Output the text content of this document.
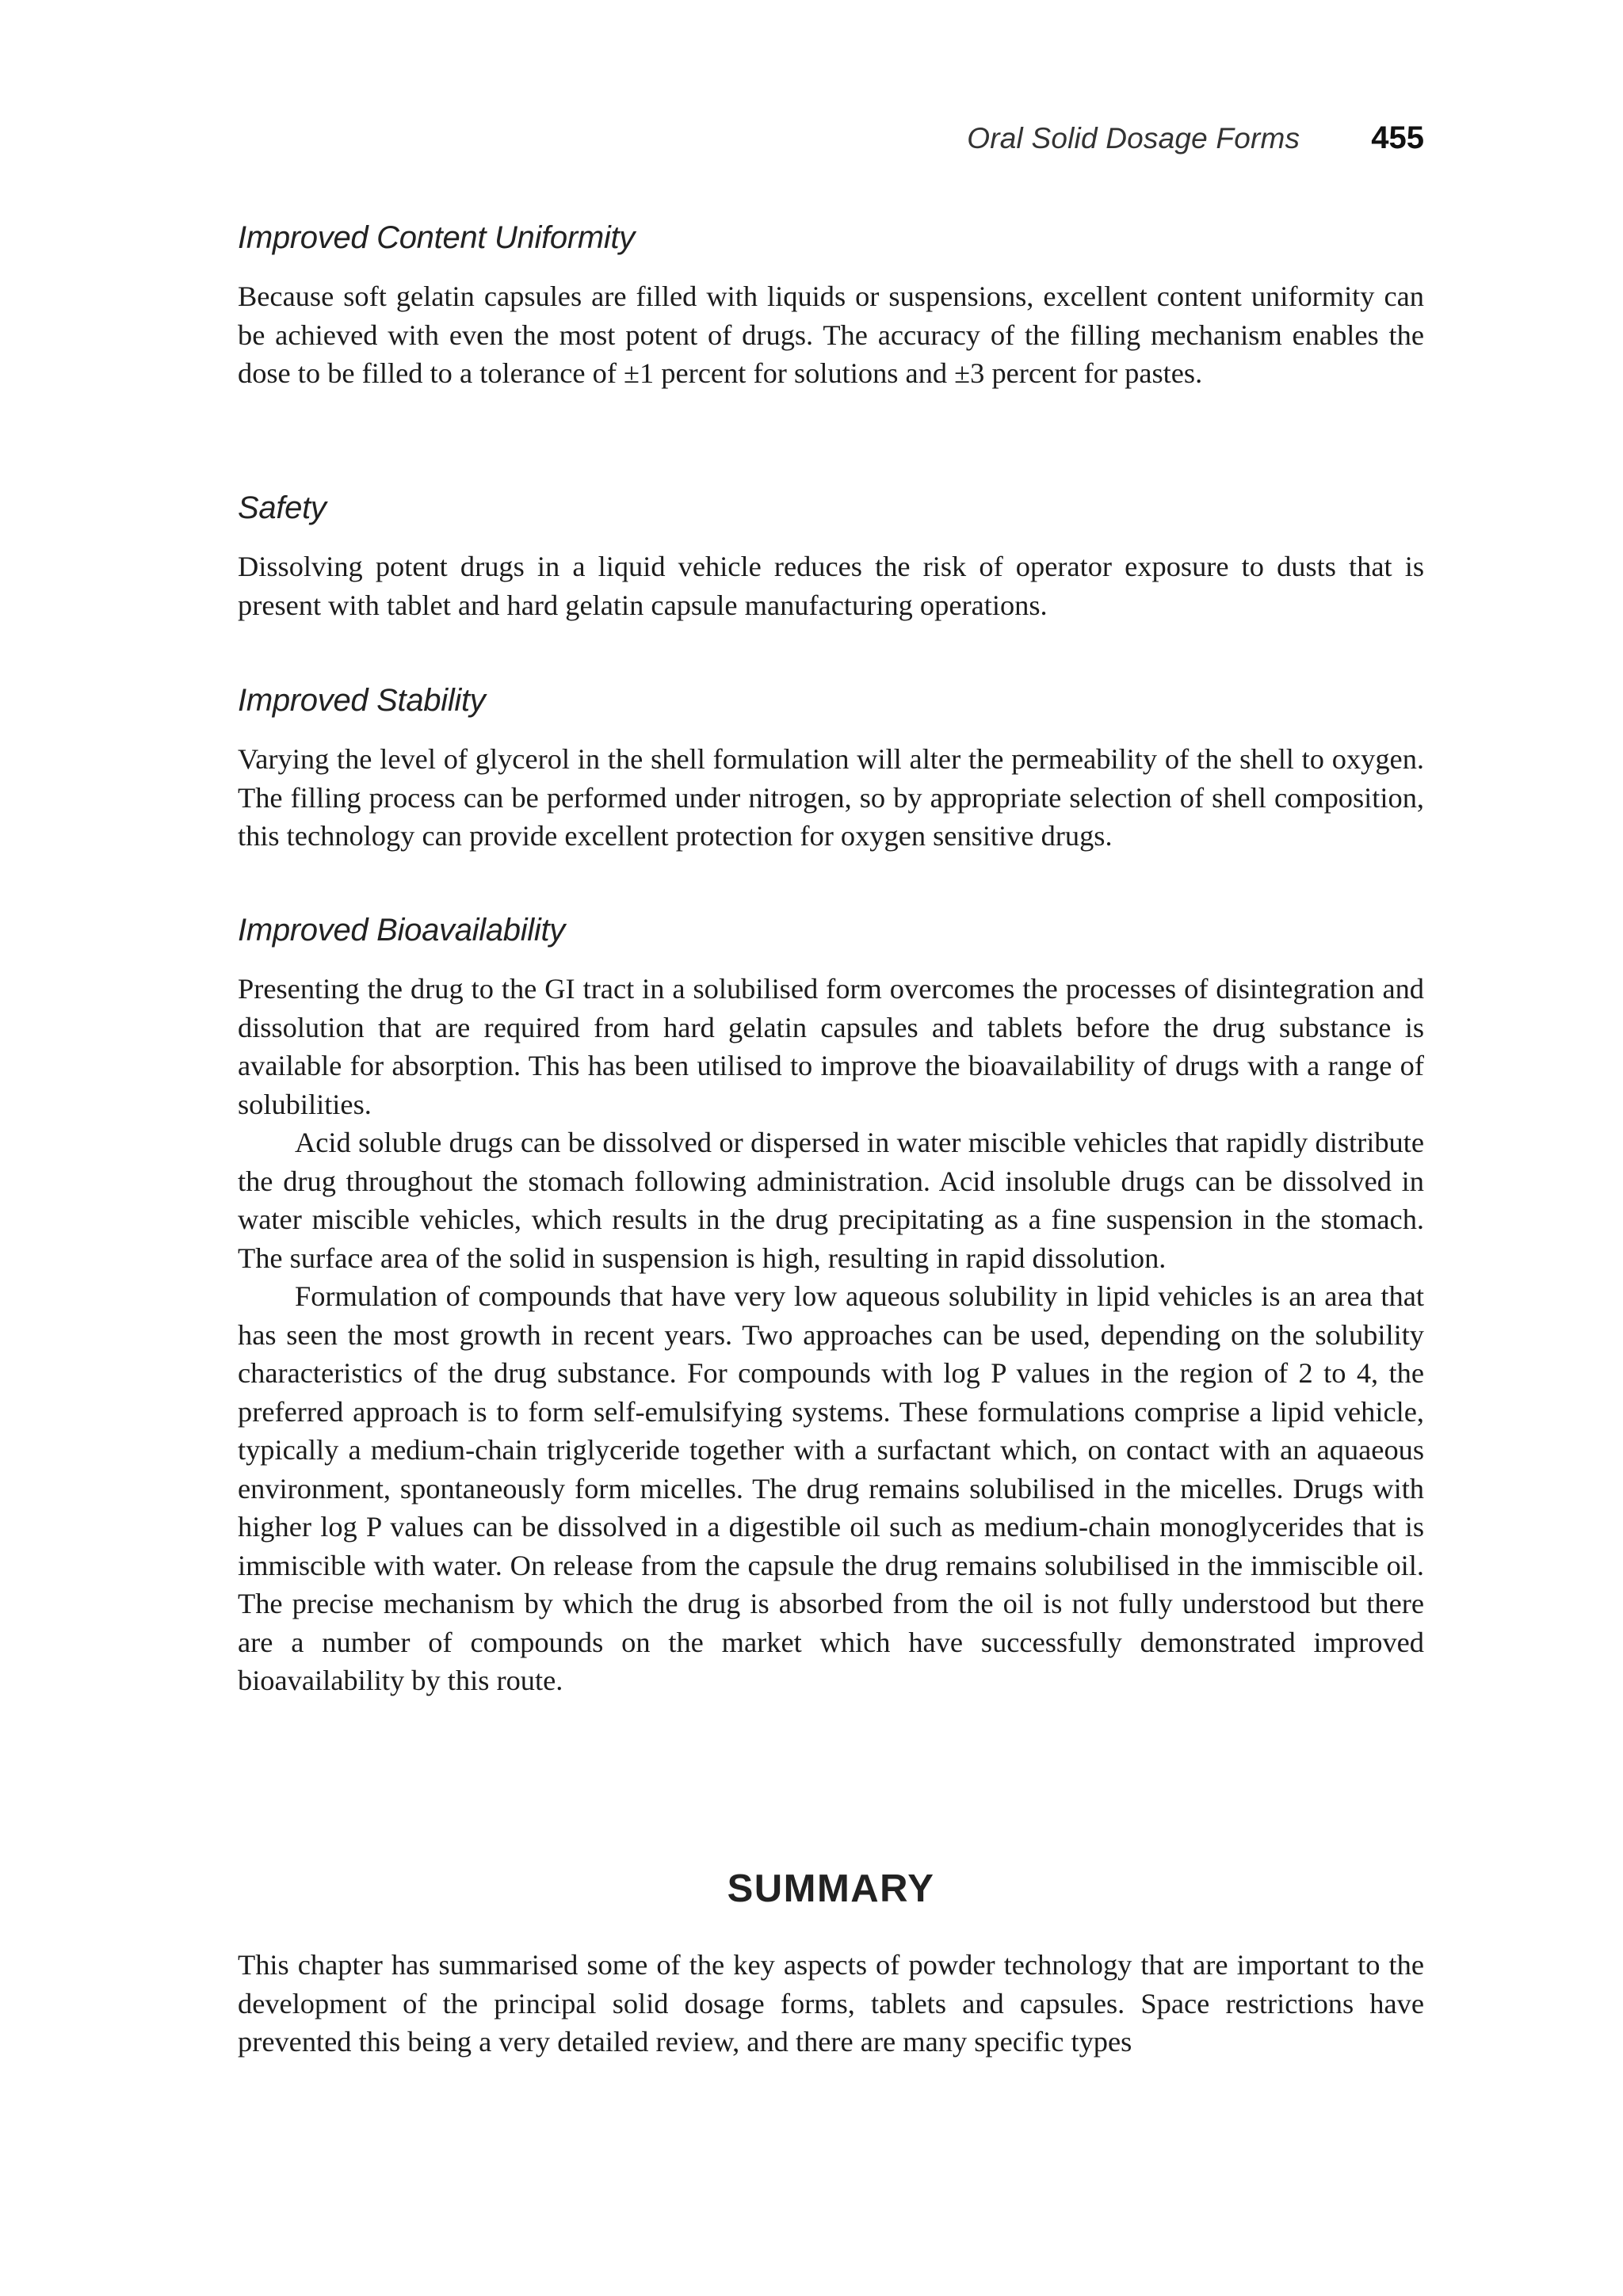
Oral Solid Dosage Forms 455
Improved Content Uniformity

Because soft gelatin capsules are filled with liquids or suspensions, excellent content uniformity can be achieved with even the most potent of drugs. The accuracy of the filling mechanism enables the dose to be filled to a tolerance of ±1 percent for solutions and ±3 percent for pastes.

Safety

Dissolving potent drugs in a liquid vehicle reduces the risk of operator exposure to dusts that is present with tablet and hard gelatin capsule manufacturing operations.

Improved Stability

Varying the level of glycerol in the shell formulation will alter the permeability of the shell to oxygen. The filling process can be performed under nitrogen, so by appropriate selection of shell composition, this technology can provide excellent protection for oxygen sensitive drugs.

Improved Bioavailability

Presenting the drug to the GI tract in a solubilised form overcomes the processes of disintegration and dissolution that are required from hard gelatin capsules and tablets before the drug substance is available for absorption. This has been utilised to improve the bioavailability of drugs with a range of solubilities.

Acid soluble drugs can be dissolved or dispersed in water miscible vehicles that rapidly distribute the drug throughout the stomach following administration. Acid insoluble drugs can be dissolved in water miscible vehicles, which results in the drug precipitating as a fine suspension in the stomach. The surface area of the solid in suspension is high, resulting in rapid dissolution.

Formulation of compounds that have very low aqueous solubility in lipid vehicles is an area that has seen the most growth in recent years. Two approaches can be used, depending on the solubility characteristics of the drug substance. For compounds with log P values in the region of 2 to 4, the preferred approach is to form self-emulsifying systems. These formulations comprise a lipid vehicle, typically a medium-chain triglyceride together with a surfactant which, on contact with an aquaeous environment, spontaneously form micelles. The drug remains solubilised in the micelles. Drugs with higher log P values can be dissolved in a digestible oil such as medium-chain monoglycerides that is immiscible with water. On release from the capsule the drug remains solubilised in the immiscible oil. The precise mechanism by which the drug is absorbed from the oil is not fully understood but there are a number of compounds on the market which have successfully demonstrated improved bioavailability by this route.

SUMMARY

This chapter has summarised some of the key aspects of powder technology that are important to the development of the principal solid dosage forms, tablets and capsules. Space restrictions have prevented this being a very detailed review, and there are many specific types
